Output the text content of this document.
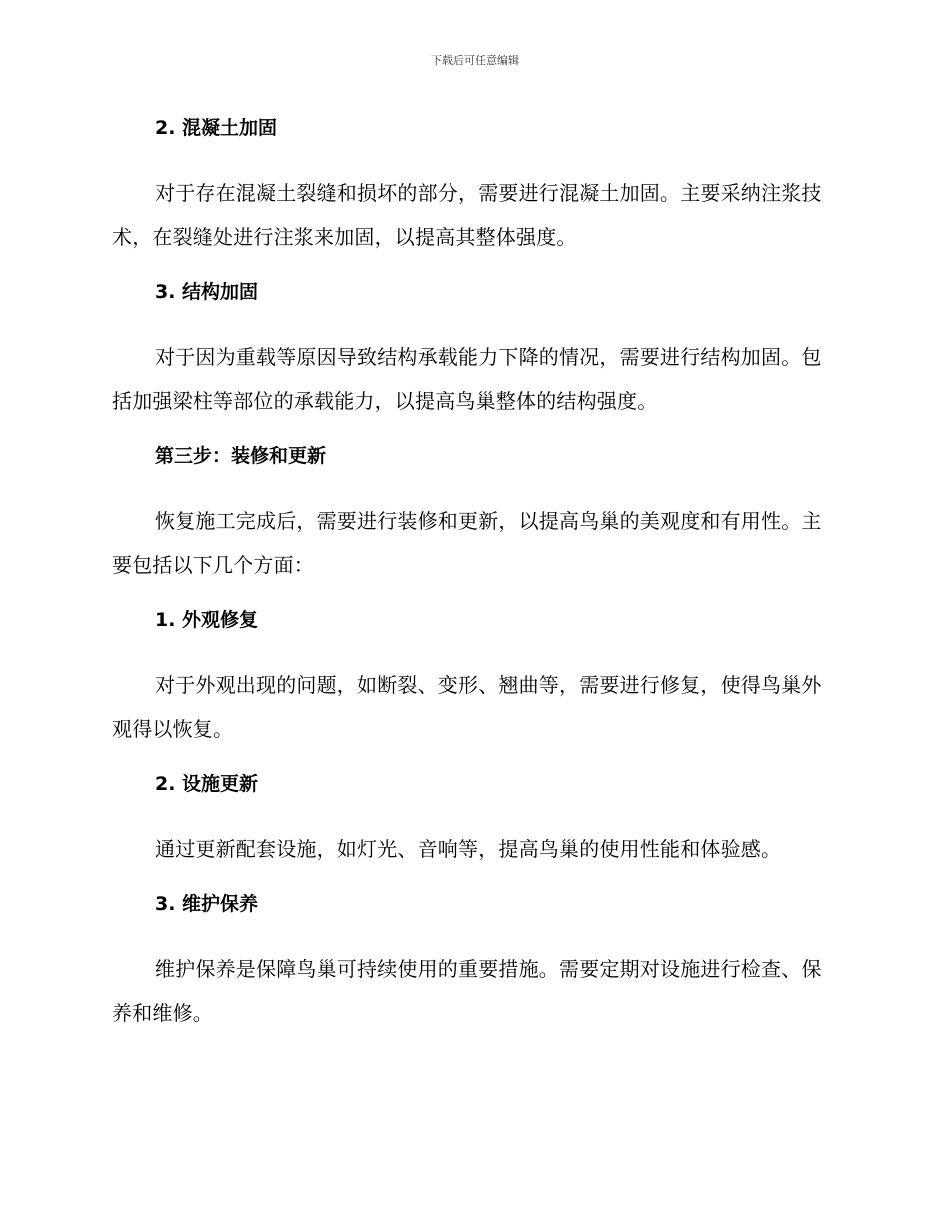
下载后可任意编辑
2. 混凝土加固
对于存在混凝土裂缝和损坏的部分，需要进行混凝土加固。主要采纳注浆技术，在裂缝处进行注浆来加固，以提高其整体强度。
3. 结构加固
对于因为重载等原因导致结构承载能力下降的情况，需要进行结构加固。包括加强梁柱等部位的承载能力，以提高鸟巢整体的结构强度。
第三步：装修和更新
恢复施工完成后，需要进行装修和更新，以提高鸟巢的美观度和有用性。主要包括以下几个方面：
1. 外观修复
对于外观出现的问题，如断裂、变形、翘曲等，需要进行修复，使得鸟巢外观得以恢复。
2. 设施更新
通过更新配套设施，如灯光、音响等，提高鸟巢的使用性能和体验感。
3. 维护保养
维护保养是保障鸟巢可持续使用的重要措施。需要定期对设施进行检查、保养和维修。
